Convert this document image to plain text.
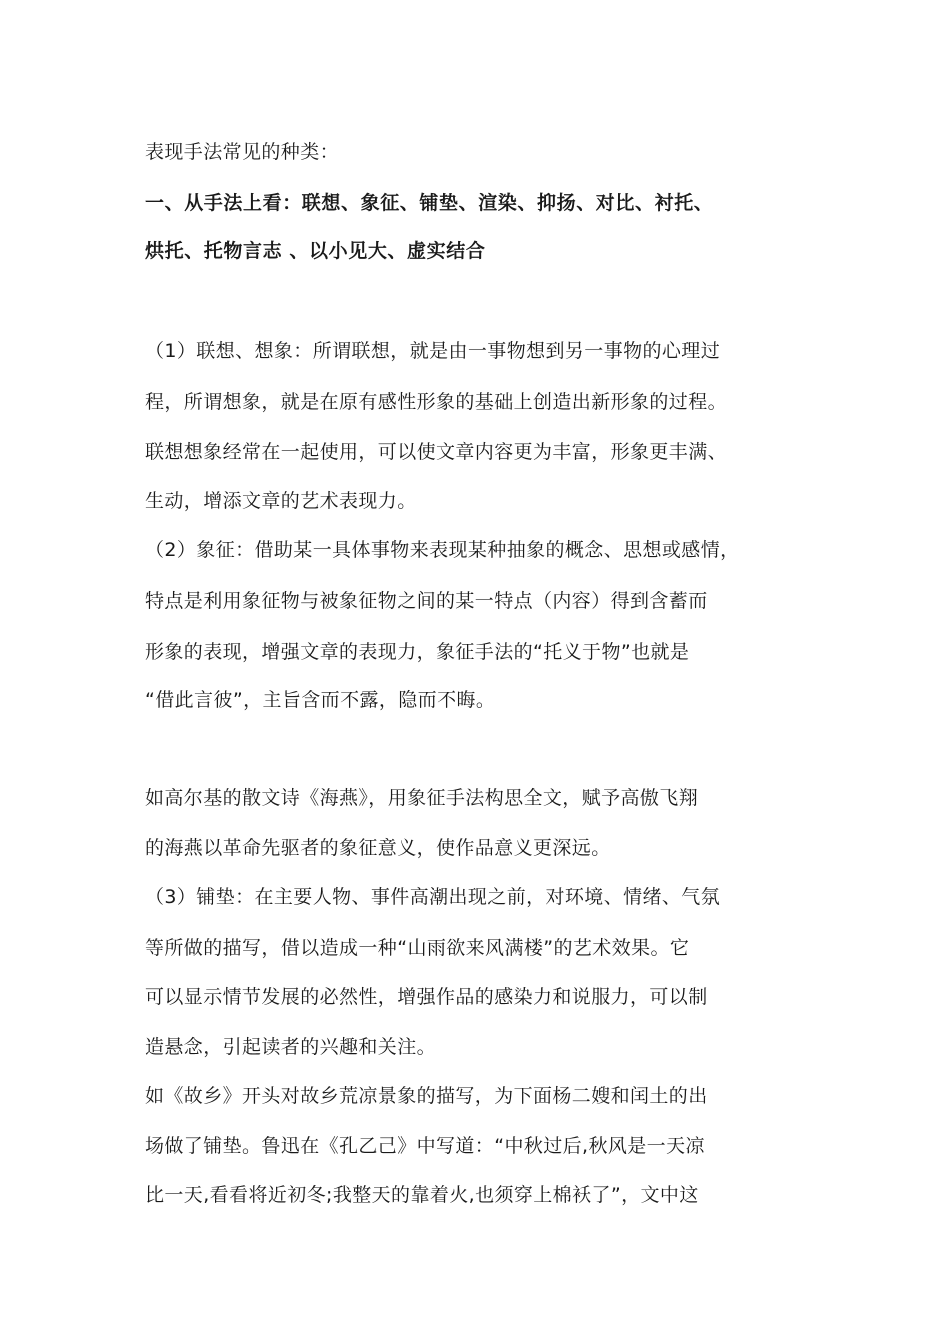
表现手法常见的种类：
一、从手法上看：联想、象征、铺垫、渲染、抑扬、对比、衬托、
烘托、托物言志 、以小见大、虚实结合
（1）联想、想象：所谓联想，就是由一事物想到另一事物的心理过
程，所谓想象，就是在原有感性形象的基础上创造出新形象的过程。
联想想象经常在一起使用，可以使文章内容更为丰富，形象更丰满、
生动，增添文章的艺术表现力。
（2）象征：借助某一具体事物来表现某种抽象的概念、思想或感情，
特点是利用象征物与被象征物之间的某一特点（内容）得到含蓄而
形象的表现，增强文章的表现力，象征手法的“托义于物”也就是
“借此言彼”，主旨含而不露，隐而不晦。
如高尔基的散文诗《海燕》，用象征手法构思全文，赋予高傲飞翔
的海燕以革命先驱者的象征意义，使作品意义更深远。
（3）铺垫：在主要人物、事件高潮出现之前，对环境、情绪、气氛
等所做的描写，借以造成一种“山雨欲来风满楼”的艺术效果。它
可以显示情节发展的必然性，增强作品的感染力和说服力，可以制
造悬念，引起读者的兴趣和关注。
如《故乡》开头对故乡荒凉景象的描写，为下面杨二嫂和闰土的出
场做了铺垫。鲁迅在《孔乙己》中写道：“中秋过后,秋风是一天凉
比一天,看看将近初冬;我整天的靠着火,也须穿上棉袄了”，文中这
